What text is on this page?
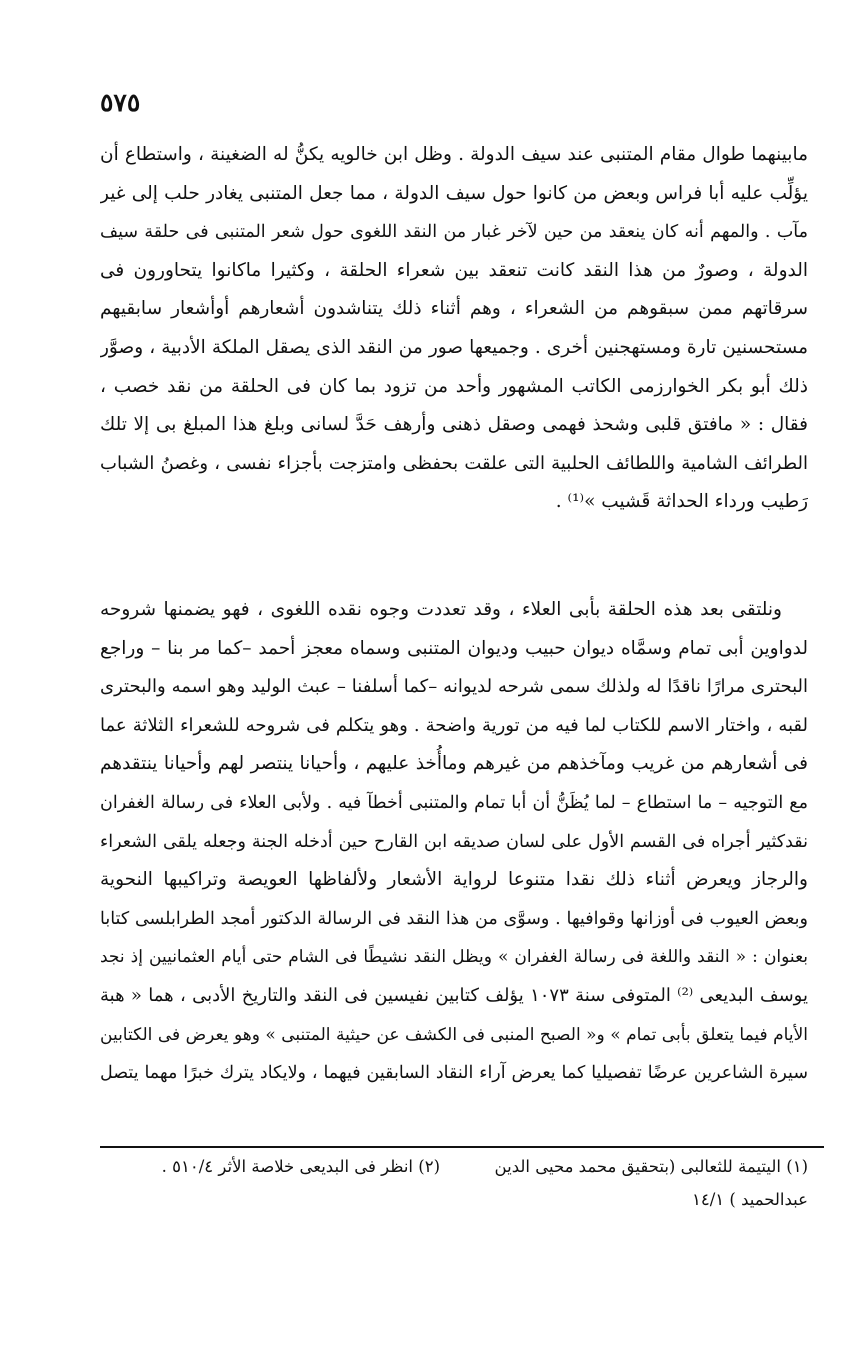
٥٧٥
مابينهما طوال مقام المتنبى عند سيف الدولة . وظل ابن خالويه يكنُّ له الضغينة ، واستطاع أن
يؤلِّب عليه أبا فراس وبعض من كانوا حول سيف الدولة ، مما جعل المتنبى يغادر حلب إلى غير
مآب . والمهم أنه كان ينعقد من حين لآخر غبار من النقد اللغوى حول شعر المتنبى فى حلقة سيف
الدولة ، وصورٌ من هذا النقد كانت تنعقد بين شعراء الحلقة ، وكثيرا ماكانوا يتحاورون فى
سرقاتهم ممن سبقوهم من الشعراء ، وهم أثناء ذلك يتناشدون أشعارهم أوأشعار سابقيهم
مستحسنين تارة ومستهجنين أخرى . وجميعها صور من النقد الذى يصقل الملكة الأدبية ، وصوَّر
ذلك أبو بكر الخوارزمى الكاتب المشهور وأحد من تزود بما كان فى الحلقة من نقد خصب ،
فقال : « مافتق قلبى وشحذ فهمى وصقل ذهنى وأرهف حَدَّ لسانى وبلغ هذا المبلغ بى إلا تلك
الطرائف الشامية واللطائف الحلبية التى علقت بحفظى وامتزجت بأجزاء نفسى ، وغصنُ الشباب
رَطيب ورداء الحداثة قَشيب »⁽¹⁾ .
ونلتقى بعد هذه الحلقة بأبى العلاء ، وقد تعددت وجوه نقده اللغوى ، فهو يضمنها شروحه
لدواوين أبى تمام وسمَّاه ديوان حبيب وديوان المتنبى وسماه معجز أحمد –كما مر بنا – وراجع
البحترى مرارًا ناقدًا له ولذلك سمى شرحه لديوانه –كما أسلفنا – عبث الوليد وهو اسمه والبحترى
لقبه ، واختار الاسم للكتاب لما فيه من تورية واضحة . وهو يتكلم فى شروحه للشعراء الثلاثة عما
فى أشعارهم من غريب ومآخذهم من غيرهم وماأُخذ عليهم ، وأحيانا ينتصر لهم وأحيانا ينتقدهم
مع التوجيه – ما استطاع – لما يُظَنُّ أن أبا تمام والمتنبى أخطآ فيه . ولأبى العلاء فى رسالة الغفران
نقدكثير أجراه فى القسم الأول على لسان صديقه ابن القارح حين أدخله الجنة وجعله يلقى الشعراء
والرجاز ويعرض أثناء ذلك نقدا متنوعا لرواية الأشعار ولألفاظها العويصة وتراكيبها النحوية
وبعض العيوب فى أوزانها وقوافيها . وسوَّى من هذا النقد فى الرسالة الدكتور أمجد الطرابلسى كتابا
بعنوان : « النقد واللغة فى رسالة الغفران » ويظل النقد نشيطًا فى الشام حتى أيام العثمانيين إذ نجد
يوسف البديعى ⁽²⁾ المتوفى سنة ١٠٧٣ يؤلف كتابين نفيسين فى النقد والتاريخ الأدبى ، هما « هبة
الأيام فيما يتعلق بأبى تمام » و« الصبح المنبى فى الكشف عن حيثية المتنبى » وهو يعرض فى الكتابين
سيرة الشاعرين عرضًا تفصيليا كما يعرض آراء النقاد السابقين فيهما ، ولايكاد يترك خبرًا مهما يتصل
(١) اليتيمة للثعالبى (بتحقيق محمد محيى الدين
(٢) انظر فى البديعى خلاصة الأثر ٥١٠/٤ .
عبدالحميد ) ١٤/١
